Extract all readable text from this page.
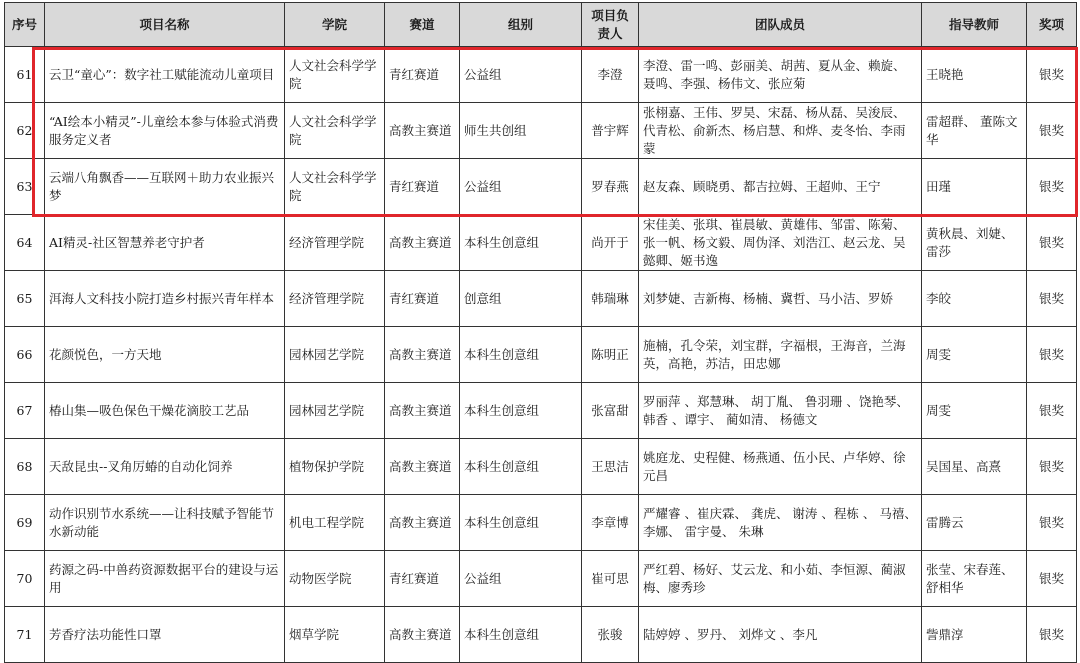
序号	项目名称	学院	赛道	组别	项目负责人	团队成员	指导教师	奖项
61	云卫“童心”：数字社工赋能流动儿童项目	人文社会科学学院	青红赛道	公益组	李澄	李澄、雷一鸣、彭丽美、胡茜、夏从金、赖旋、聂鸣、李强、杨伟文、张应菊	王晓艳	银奖
62	“AI绘本小精灵”-儿童绘本参与体验式消费服务定义者	人文社会科学学院	高教主赛道	师生共创组	普宇辉	张栩嘉、王伟、罗昊、宋磊、杨从磊、吴浚辰、代青松、俞新杰、杨启慧、和烨、麦冬怡、李雨蒙	雷超群、 董陈文华	银奖
63	云端八角飘香——互联网＋助力农业振兴梦	人文社会科学学院	青红赛道	公益组	罗春燕	赵友森、顾晓勇、都吉拉姆、王超帅、王宁	田瑾	银奖
64	AI精灵-社区智慧养老守护者	经济管理学院	高教主赛道	本科生创意组	尚开于	宋佳美、张琪、崔晨敏、黄雄伟、邹雷、陈菊、张一帆、杨文毅、周伪泽、刘浩江、赵云龙、吴懿卿、姬书逸	黄秋晨、刘婕、雷莎	银奖
65	洱海人文科技小院打造乡村振兴青年样本	经济管理学院	青红赛道	创意组	韩瑞琳	刘梦婕、吉新梅、杨楠、冀哲、马小洁、罗娇	李皎	银奖
66	花颜悦色，一方天地	园林园艺学院	高教主赛道	本科生创意组	陈明正	施楠，孔令荣，刘宝群，字福根，王海音，兰海英，高艳，苏洁，田忠娜	周雯	银奖
67	椿山集—吸色保色干燥花滴胶工艺品	园林园艺学院	高教主赛道	本科生创意组	张富甜	罗丽萍 、郑慧琳、 胡丁胤、 鲁羽珊 、饶艳琴、韩香 、谭宇、 蔺如清、 杨德文	周雯	银奖
68	天敌昆虫--叉角厉蝽的自动化饲养	植物保护学院	高教主赛道	本科生创意组	王思洁	姚庭龙、史程健、杨燕通、伍小民、卢华婷、徐元昌	吴国星、高熹	银奖
69	动作识别节水系统——让科技赋予智能节水新动能	机电工程学院	高教主赛道	本科生创意组	李章博	严耀睿 、崔庆霖、 龚虎、 谢涛 、程栋 、 马禧、李娜、 雷宇曼、 朱琳	雷腾云	银奖
70	药源之码-中兽药资源数据平台的建设与运用	动物医学院	青红赛道	公益组	崔可思	严红碧、杨好、艾云龙、和小茹、李恒源、蔺淑梅、廖秀珍	张莹、宋春莲、舒相华	银奖
71	芳香疗法功能性口罩	烟草学院	高教主赛道	本科生创意组	张骏	陆婷婷 、罗丹、 刘烨文 、李凡	訾鼎淳	银奖
